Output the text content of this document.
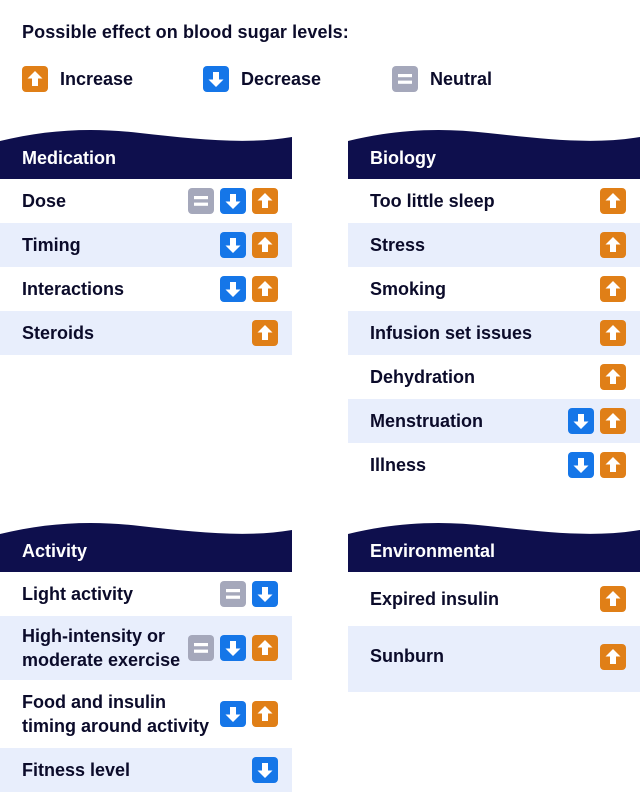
Possible effect on blood sugar levels:
Increase	Decrease	Neutral
Medication
Dose
Timing
Interactions
Steroids
Biology
Too little sleep
Stress
Smoking
Infusion set issues
Dehydration
Menstruation
Illness
Activity
Light activity
High-intensity or
moderate exercise
Food and insulin
timing around activity
Fitness level
Environmental
Expired insulin
Sunburn
